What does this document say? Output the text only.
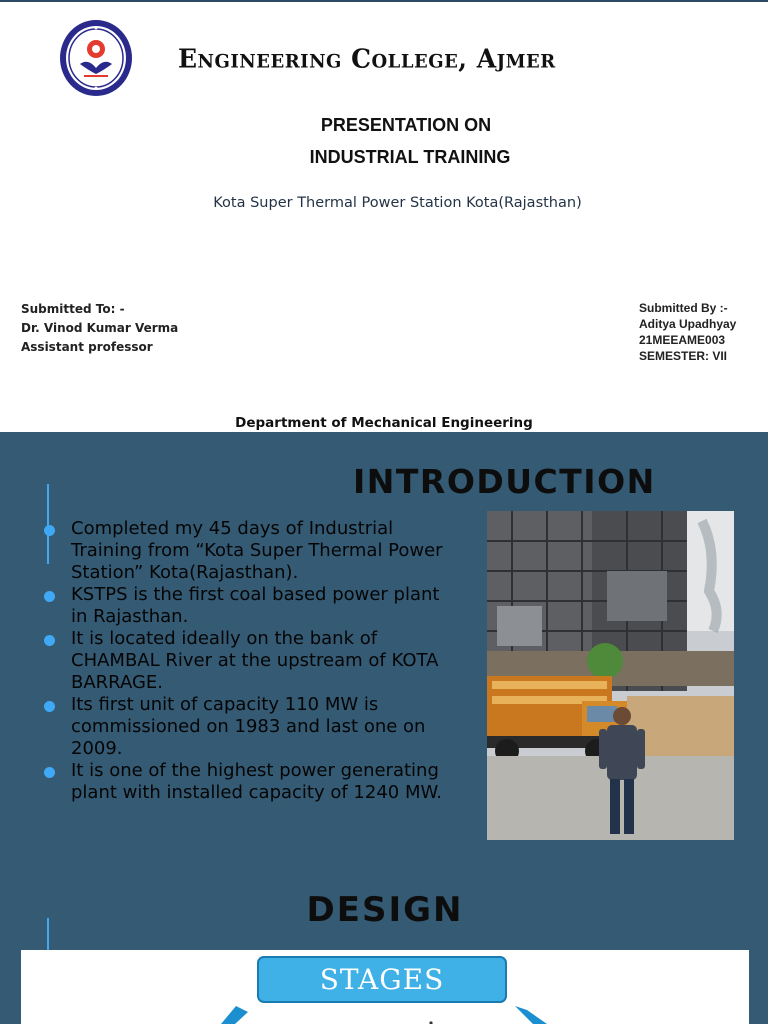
Engineering College, Ajmer
PRESENTATION ON
INDUSTRIAL TRAINING
Kota Super Thermal Power Station Kota(Rajasthan)
Submitted To: -
Dr. Vinod Kumar Verma
Assistant professor
Submitted By :-
Aditya Upadhyay
21MEEAME003
SEMESTER: VII
Department of Mechanical Engineering
INTRODUCTION
Completed my 45 days of Industrial Training from “Kota Super Thermal Power Station” Kota(Rajasthan).
KSTPS is the first coal based power plant in Rajasthan.
It is located ideally on the bank of CHAMBAL River at the upstream of KOTA BARRAGE.
Its first unit of capacity 110 MW is commissioned on 1983 and last one on 2009.
It is one of the highest power generating plant with installed capacity of 1240 MW.
DESIGN
STAGES
